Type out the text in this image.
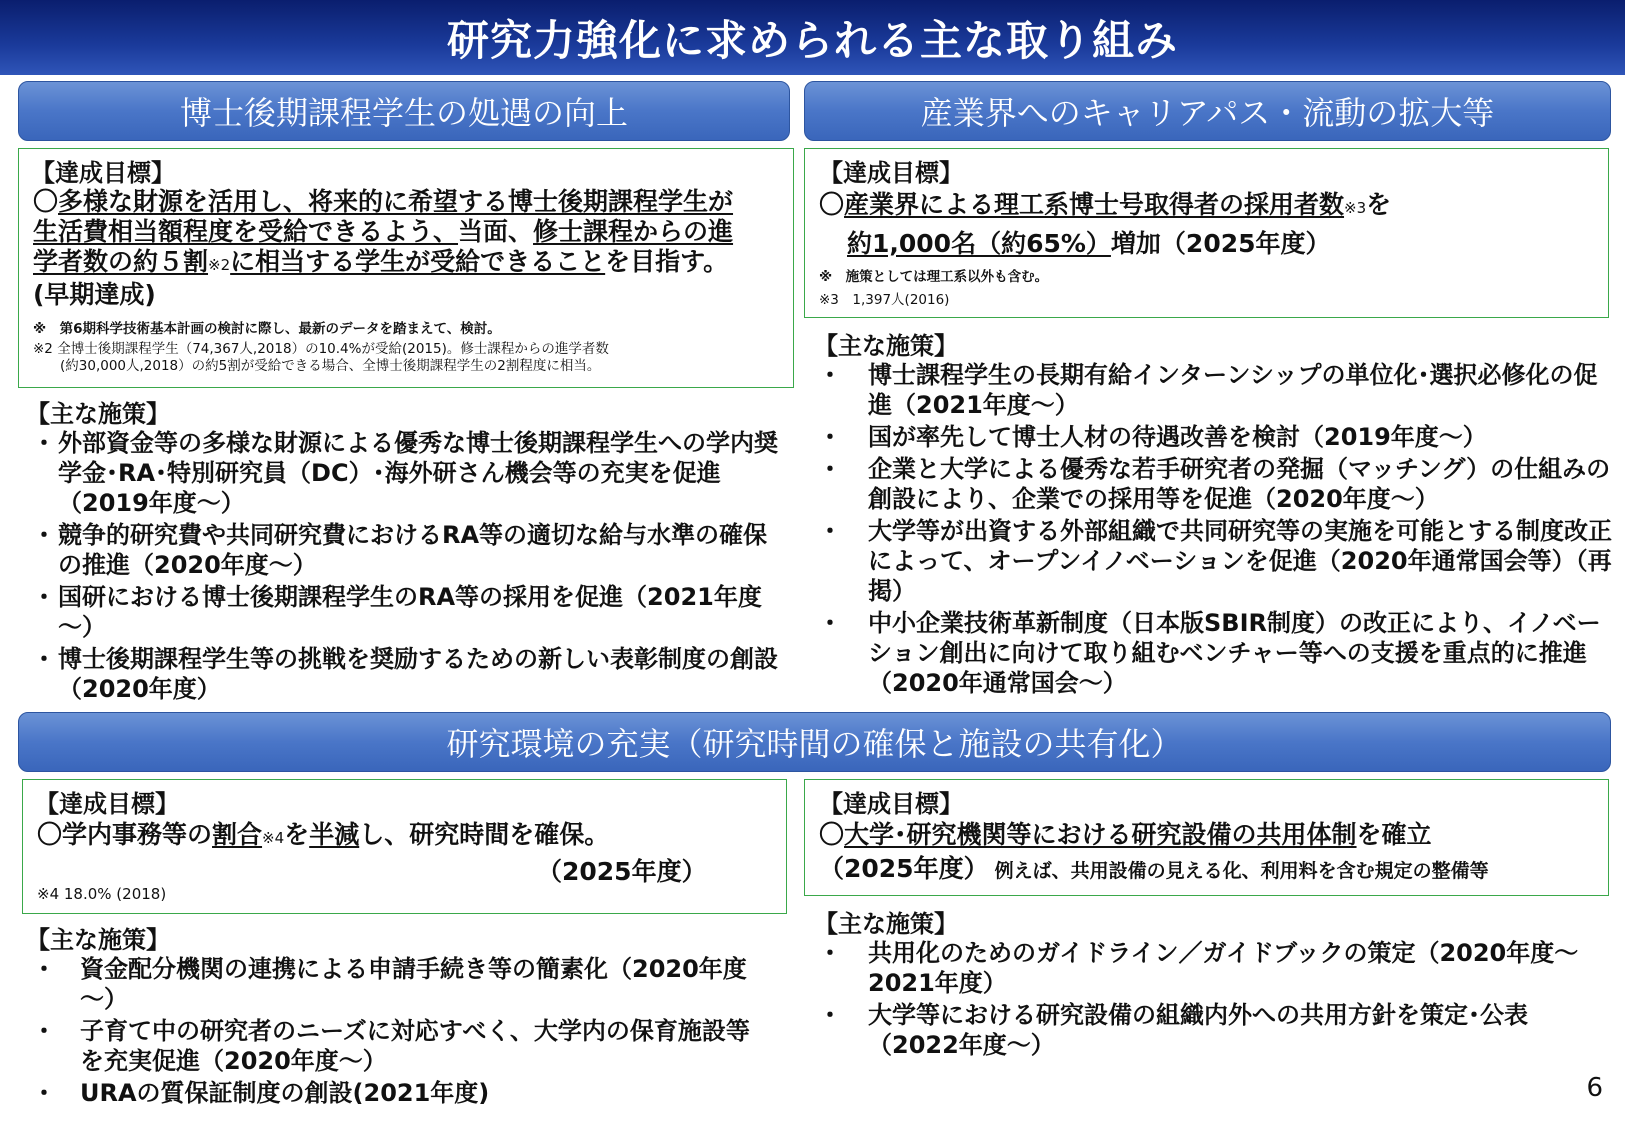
研究力強化に求められる主な取り組み
博士後期課程学生の処遇の向上
【達成目標】
〇多様な財源を活用し、将来的に希望する博士後期課程学生が生活費相当額程度を受給できるよう、当面、修士課程からの進学者数の約５割※2に相当する学生が受給できることを目指す。(早期達成)
※　第6期科学技術基本計画の検討に際し、最新のデータを踏まえて、検討。
※2 全博士後期課程学生（74,367人,2018）の10.4%が受給(2015)。修士課程からの進学者数
　　(約30,000人,2018）の約5割が受給できる場合、全博士後期課程学生の2割程度に相当。
【主な施策】
・ 外部資金等の多様な財源による優秀な博士後期課程学生への学内奨学金･RA･特別研究員（DC）･海外研さん機会等の充実を促進（2019年度～）
・ 競争的研究費や共同研究費におけるRA等の適切な給与水準の確保の推進（2020年度～）
・ 国研における博士後期課程学生のRA等の採用を促進（2021年度～）
・ 博士後期課程学生等の挑戦を奨励するための新しい表彰制度の創設（2020年度）
産業界へのキャリアパス・流動の拡大等
【達成目標】
〇産業界による理工系博士号取得者の採用者数※3を
約1,000名（約65%）増加（2025年度）
※　施策としては理工系以外も含む。
※3　1,397人(2016)
【主な施策】
・ 博士課程学生の長期有給インターンシップの単位化･選択必修化の促進（2021年度～）
・ 国が率先して博士人材の待遇改善を検討（2019年度～）
・ 企業と大学による優秀な若手研究者の発掘（マッチング）の仕組みの創設により、企業での採用等を促進（2020年度～）
・ 大学等が出資する外部組織で共同研究等の実施を可能とする制度改正によって、オープンイノベーションを促進（2020年通常国会等）（再掲）
・ 中小企業技術革新制度（日本版SBIR制度）の改正により、イノベーション創出に向けて取り組むベンチャー等への支援を重点的に推進（2020年通常国会～）
研究環境の充実（研究時間の確保と施設の共有化）
【達成目標】
〇学内事務等の割合※4を半減し、研究時間を確保。
（2025年度）
※4 18.0% (2018)
【主な施策】
・ 資金配分機関の連携による申請手続き等の簡素化（2020年度～）
・ 子育て中の研究者のニーズに対応すべく、大学内の保育施設等を充実促進（2020年度～）
・ URAの質保証制度の創設(2021年度)
【達成目標】
〇大学･研究機関等における研究設備の共用体制を確立
（2025年度） 例えば、共用設備の見える化、利用料を含む規定の整備等
【主な施策】
・ 共用化のためのガイドライン／ガイドブックの策定（2020年度～2021年度）
・ 大学等における研究設備の組織内外への共用方針を策定･公表（2022年度～）
6
